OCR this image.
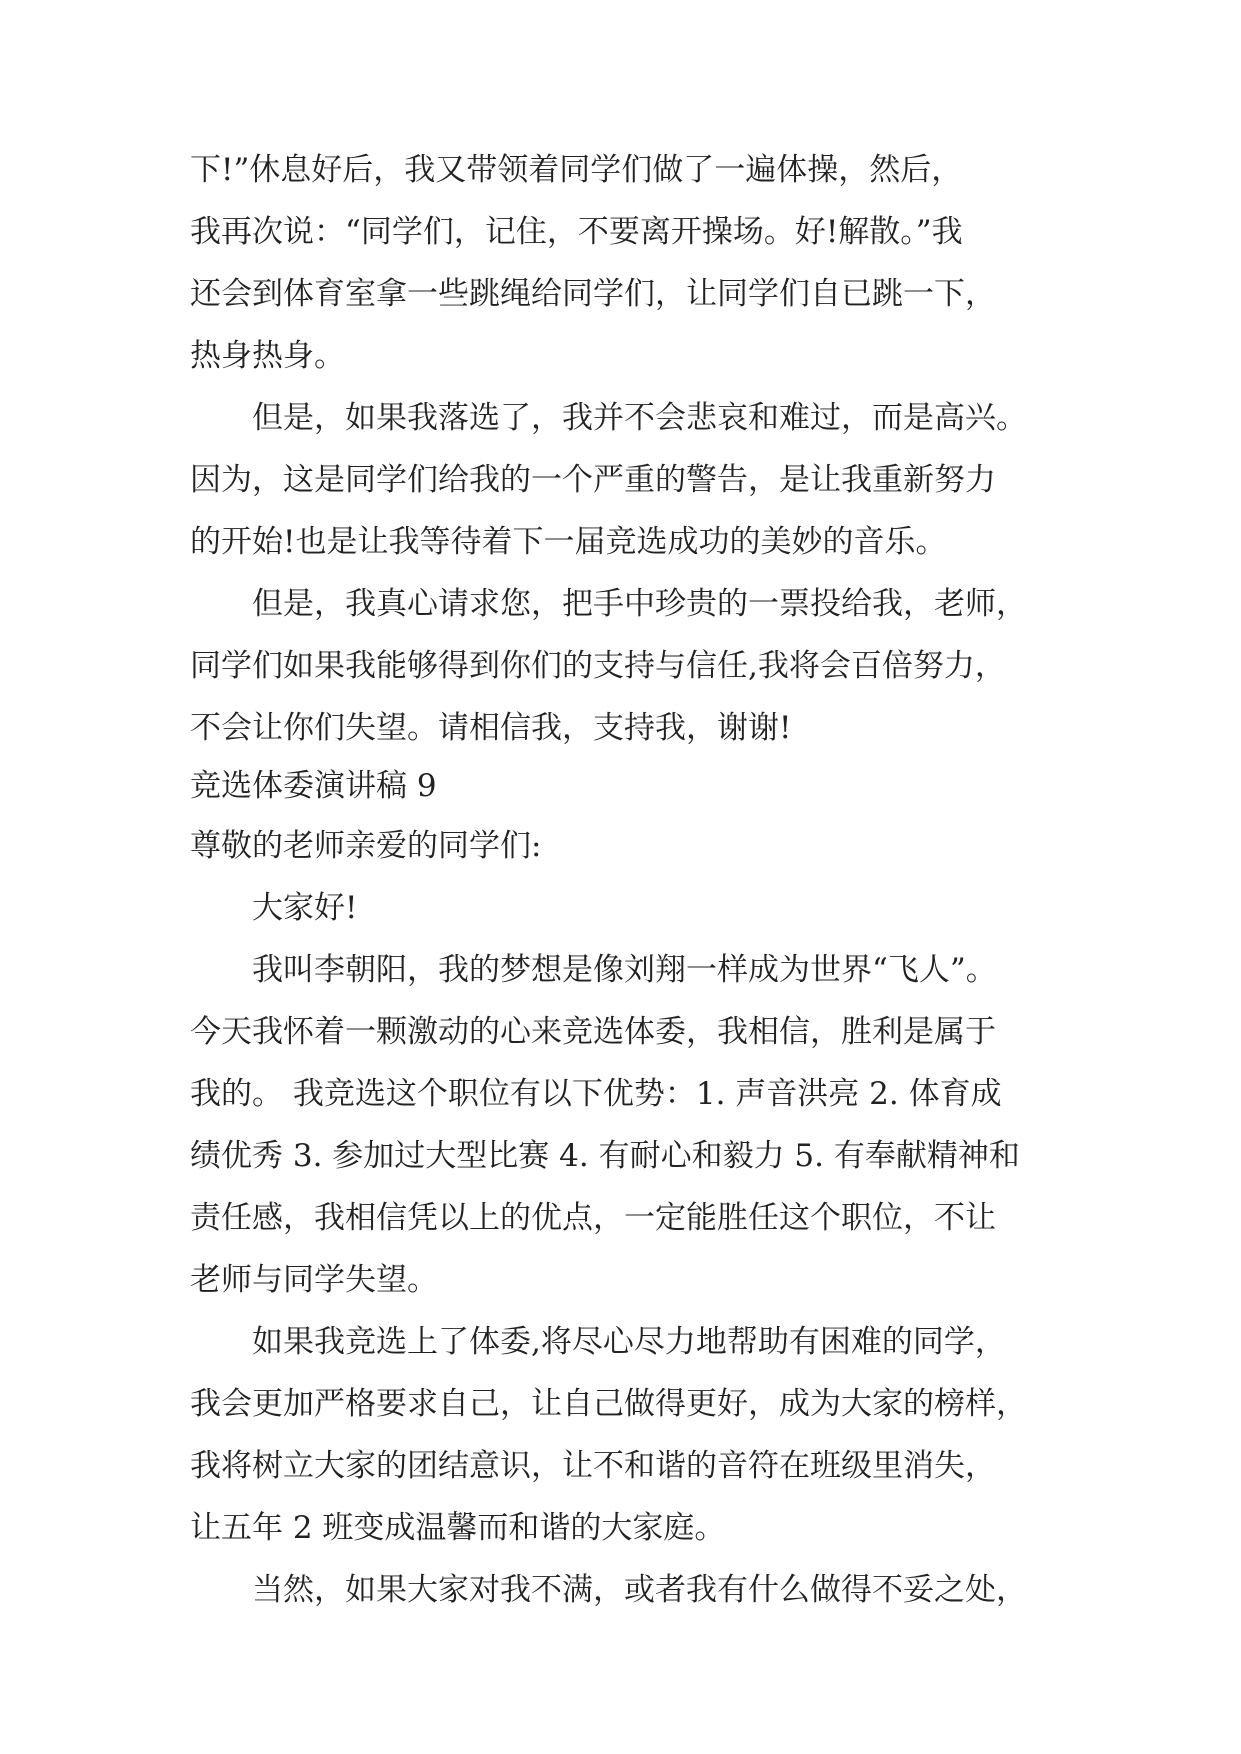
下!”休息好后，我又带领着同学们做了一遍体操，然后，
我再次说：“同学们，记住，不要离开操场。好!解散。”我
还会到体育室拿一些跳绳给同学们，让同学们自已跳一下，
热身热身。
但是，如果我落选了，我并不会悲哀和难过，而是高兴。
因为，这是同学们给我的一个严重的警告，是让我重新努力
的开始!也是让我等待着下一届竞选成功的美妙的音乐。
但是，我真心请求您，把手中珍贵的一票投给我，老师，
同学们如果我能够得到你们的支持与信任,我将会百倍努力，
不会让你们失望。请相信我，支持我，谢谢!
竞选体委演讲稿 9
尊敬的老师亲爱的同学们:
大家好!
我叫李朝阳，我的梦想是像刘翔一样成为世界“飞人”。
今天我怀着一颗激动的心来竞选体委，我相信，胜利是属于
我的。 我竞选这个职位有以下优势：1. 声音洪亮 2. 体育成
绩优秀 3. 参加过大型比赛 4. 有耐心和毅力 5. 有奉献精神和
责任感，我相信凭以上的优点，一定能胜任这个职位，不让
老师与同学失望。
如果我竞选上了体委,将尽心尽力地帮助有困难的同学，
我会更加严格要求自己，让自己做得更好，成为大家的榜样，
我将树立大家的团结意识，让不和谐的音符在班级里消失，
让五年 2 班变成温馨而和谐的大家庭。
当然，如果大家对我不满，或者我有什么做得不妥之处，
